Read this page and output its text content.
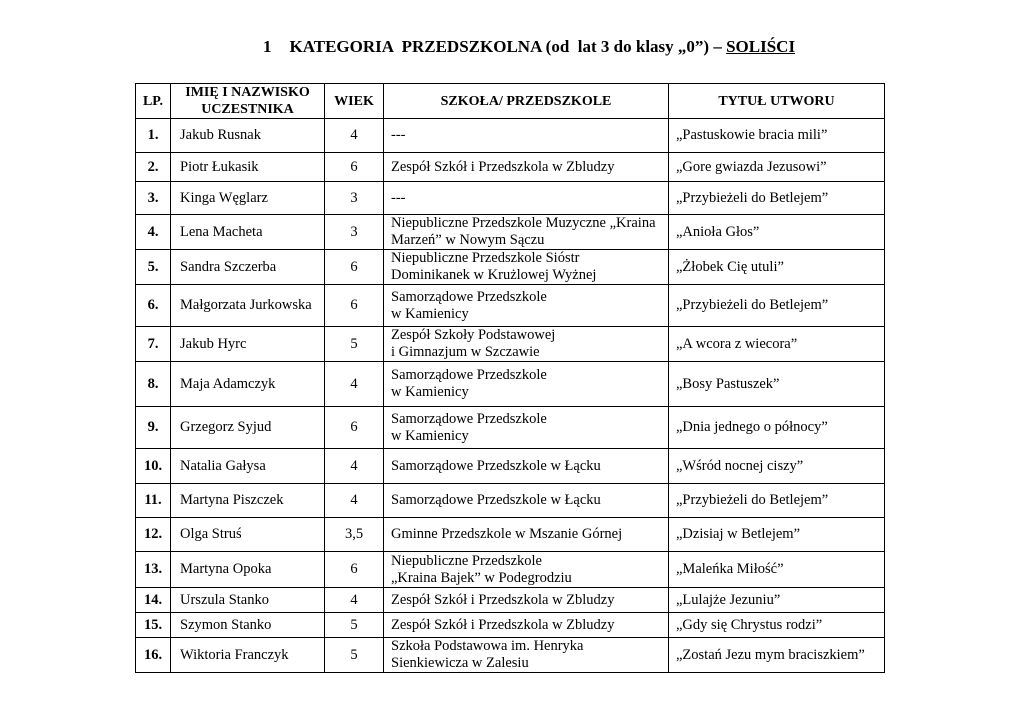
1 KATEGORIA  PRZEDSZKOLNA (od  lat 3 do klasy „0”) – SOLIŚCI
LP.	IMIĘ I NAZWISKO
UCZESTNIKA	WIEK	SZKOŁA/ PRZEDSZKOLE	TYTUŁ UTWORU
1.	Jakub Rusnak	4	---	„Pastuskowie bracia mili”
2.	Piotr Łukasik	6	Zespół Szkół i Przedszkola w Zbludzy	„Gore gwiazda Jezusowi”
3.	Kinga Węglarz	3	---	„Przybieżeli do Betlejem”
4.	Lena Macheta	3	Niepubliczne Przedszkole Muzyczne „Kraina
Marzeń” w Nowym Sączu	„Anioła Głos”
5.	Sandra Szczerba	6	Niepubliczne Przedszkole Sióstr
Dominikanek w Krużlowej Wyżnej	„Żłobek Cię utuli”
6.	Małgorzata Jurkowska	6	Samorządowe Przedszkole
w Kamienicy	„Przybieżeli do Betlejem”
7.	Jakub Hyrc	5	Zespół Szkoły Podstawowej
i Gimnazjum w Szczawie	„A wcora z wiecora”
8.	Maja Adamczyk	4	Samorządowe Przedszkole
w Kamienicy	„Bosy Pastuszek”
9.	Grzegorz Syjud	6	Samorządowe Przedszkole
w Kamienicy	„Dnia jednego o północy”
10.	Natalia Gałysa	4	Samorządowe Przedszkole w Łącku	„Wśród nocnej ciszy”
11.	Martyna Piszczek	4	Samorządowe Przedszkole w Łącku	„Przybieżeli do Betlejem”
12.	Olga Struś	3,5	Gminne Przedszkole w Mszanie Górnej	„Dzisiaj w Betlejem”
13.	Martyna Opoka	6	Niepubliczne Przedszkole
„Kraina Bajek” w Podegrodziu	„Maleńka Miłość”
14.	Urszula Stanko	4	Zespół Szkół i Przedszkola w Zbludzy	„Lulajże Jezuniu”
15.	Szymon Stanko	5	Zespół Szkół i Przedszkola w Zbludzy	„Gdy się Chrystus rodzi”
16.	Wiktoria Franczyk	5	Szkoła Podstawowa im. Henryka
Sienkiewicza w Zalesiu	„Zostań Jezu mym braciszkiem”
